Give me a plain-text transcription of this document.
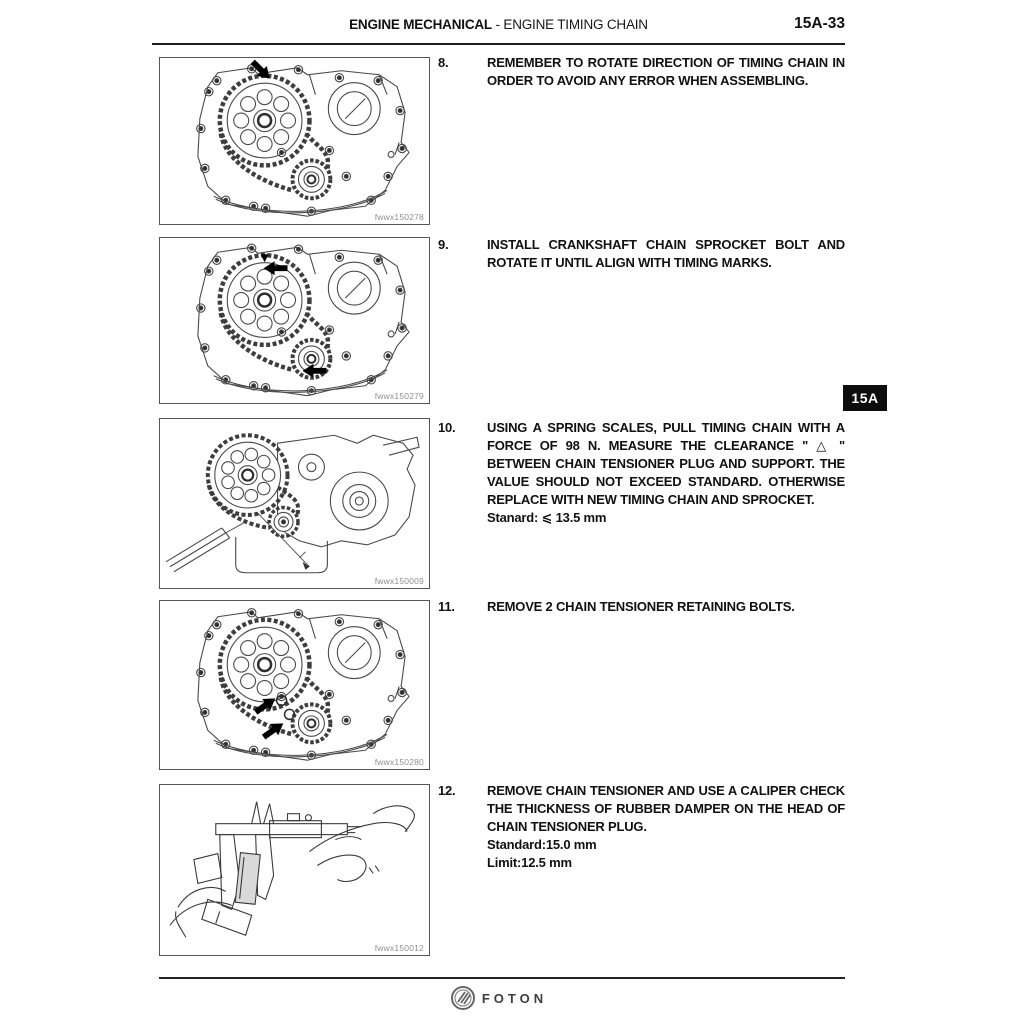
ENGINE MECHANICAL - ENGINE TIMING CHAIN	15A-33
fwwx150278
fwwx150279
fwwx150009
fwwx150280
fwwx150012
8.	REMEMBER TO ROTATE DIRECTION OF TIMING CHAIN IN ORDER TO AVOID ANY ERROR WHEN ASSEMBLING.
9.	INSTALL CRANKSHAFT CHAIN SPROCKET BOLT AND ROTATE IT UNTIL ALIGN WITH TIMING MARKS.
10.	USING A SPRING SCALES, PULL TIMING CHAIN WITH A FORCE OF 98 N. MEASURE THE CLEARANCE " △ " BETWEEN CHAIN TENSIONER PLUG AND SUPPORT. THE VALUE SHOULD NOT EXCEED STANDARD. OTHERWISE REPLACE WITH NEW TIMING CHAIN AND SPROCKET.
Stanard: ⩽ 13.5 mm
11.	REMOVE 2 CHAIN TENSIONER RETAINING BOLTS.
12.	REMOVE CHAIN TENSIONER AND USE A CALIPER CHECK THE THICKNESS OF RUBBER DAMPER ON THE HEAD OF CHAIN TENSIONER PLUG.
Standard:15.0 mm
Limit:12.5 mm
15A
FOTON
